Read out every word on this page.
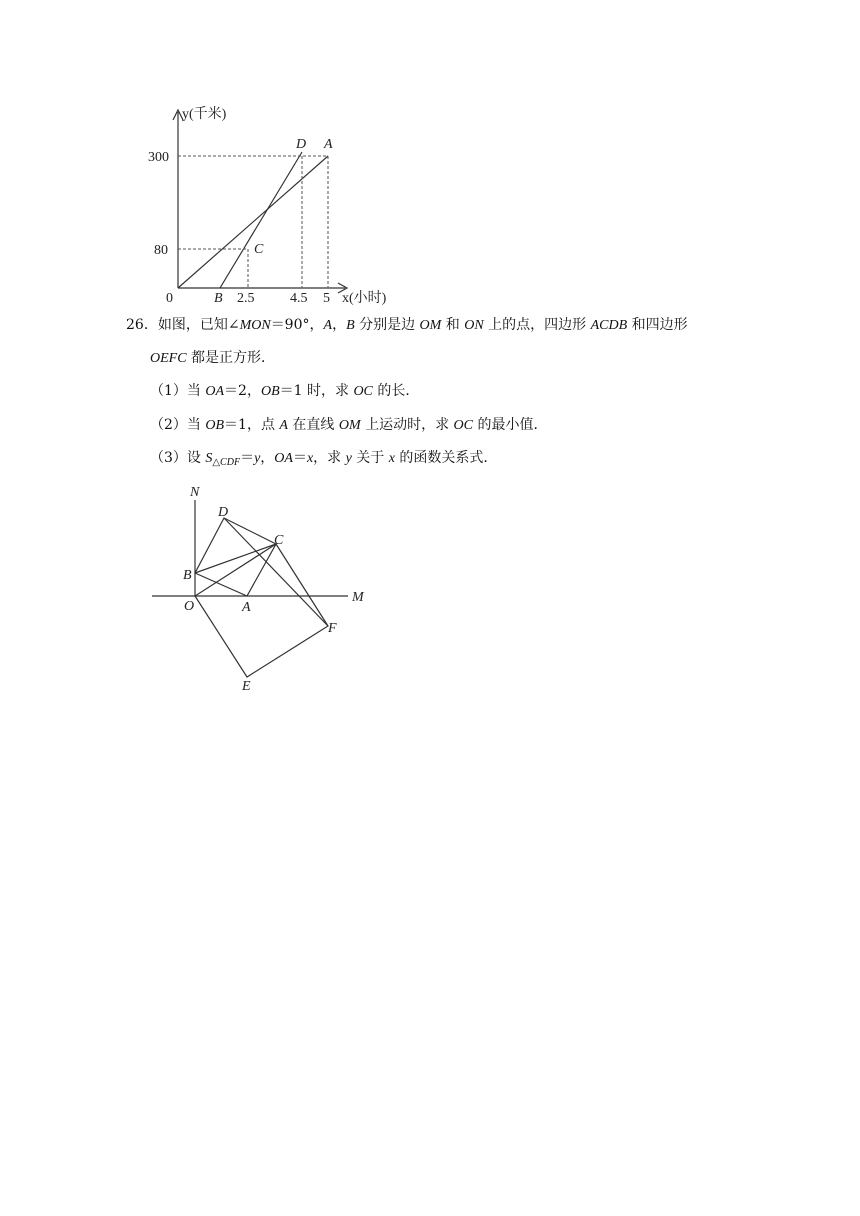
y(千米)
x(小时)
300
80
0	2.5	4.5 5
B
C
D A
26．如图，已知∠MON＝90°，A，B 分别是边 OM 和 ON 上的点，四边形 ACDB 和四边形
OEFC 都是正方形．
（1）当 OA＝2，OB＝1 时，求 OC 的长．
（2）当 OB＝1，点 A 在直线 OM 上运动时，求 OC 的最小值．
（3）设 $S_{\triangle CDF}=y$，OA＝x，求 y 关于 x 的函数关系式．
N
D
C
B
O	A
M
F
E
